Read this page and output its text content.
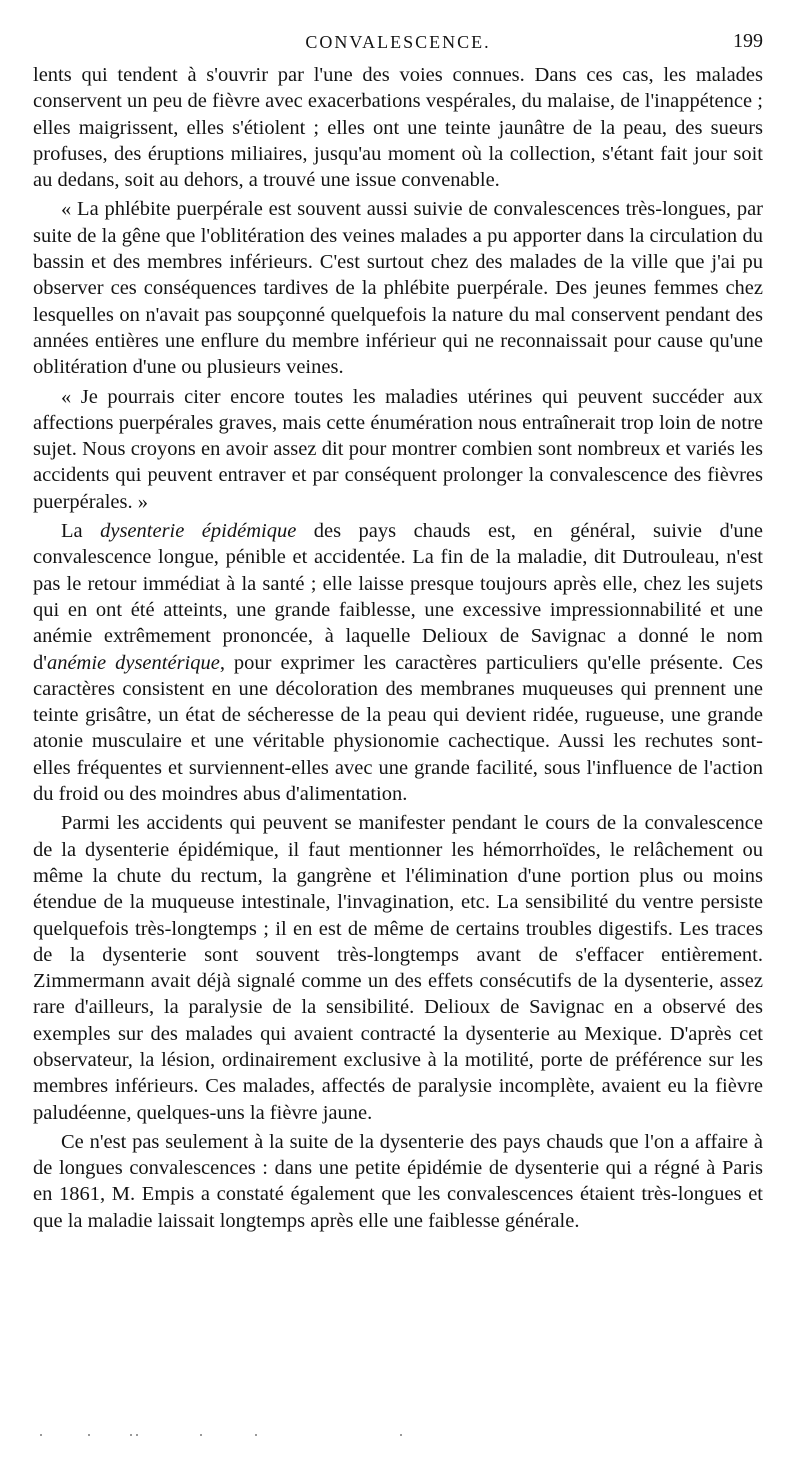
CONVALESCENCE.	199

lents qui tendent à s'ouvrir par l'une des voies connues. Dans ces cas, les malades conservent un peu de fièvre avec exacerbations vespérales, du malaise, de l'inappétence ; elles maigrissent, elles s'étiolent ; elles ont une teinte jaunâtre de la peau, des sueurs profuses, des éruptions miliaires, jusqu'au moment où la collection, s'étant fait jour soit au dedans, soit au dehors, a trouvé une issue convenable.

« La phlébite puerpérale est souvent aussi suivie de convalescences très-longues, par suite de la gêne que l'oblitération des veines malades a pu apporter dans la circulation du bassin et des membres inférieurs. C'est surtout chez des malades de la ville que j'ai pu observer ces conséquences tardives de la phlébite puerpérale. Des jeunes femmes chez lesquelles on n'avait pas soupçonné quelquefois la nature du mal conservent pendant des années entières une enflure du membre inférieur qui ne reconnaissait pour cause qu'une oblitération d'une ou plusieurs veines.

« Je pourrais citer encore toutes les maladies utérines qui peuvent succéder aux affections puerpérales graves, mais cette énumération nous entraînerait trop loin de notre sujet. Nous croyons en avoir assez dit pour montrer combien sont nombreux et variés les accidents qui peuvent entraver et par conséquent prolonger la convalescence des fièvres puerpérales. »

La dysenterie épidémique des pays chauds est, en général, suivie d'une convalescence longue, pénible et accidentée. La fin de la maladie, dit Dutrouleau, n'est pas le retour immédiat à la santé ; elle laisse presque toujours après elle, chez les sujets qui en ont été atteints, une grande faiblesse, une excessive impressionnabilité et une anémie extrêmement prononcée, à laquelle Delioux de Savignac a donné le nom d'anémie dysentérique, pour exprimer les caractères particuliers qu'elle présente. Ces caractères consistent en une décoloration des membranes muqueuses qui prennent une teinte grisâtre, un état de sécheresse de la peau qui devient ridée, rugueuse, une grande atonie musculaire et une véritable physionomie cachectique. Aussi les rechutes sont-elles fréquentes et surviennent-elles avec une grande facilité, sous l'influence de l'action du froid ou des moindres abus d'alimentation.

Parmi les accidents qui peuvent se manifester pendant le cours de la convalescence de la dysenterie épidémique, il faut mentionner les hémorrhoïdes, le relâchement ou même la chute du rectum, la gangrène et l'élimination d'une portion plus ou moins étendue de la muqueuse intestinale, l'invagination, etc. La sensibilité du ventre persiste quelquefois très-longtemps ; il en est de même de certains troubles digestifs. Les traces de la dysenterie sont souvent très-longtemps avant de s'effacer entièrement. Zimmermann avait déjà signalé comme un des effets consécutifs de la dysenterie, assez rare d'ailleurs, la paralysie de la sensibilité. Delioux de Savignac en a observé des exemples sur des malades qui avaient contracté la dysenterie au Mexique. D'après cet observateur, la lésion, ordinairement exclusive à la motilité, porte de préférence sur les membres inférieurs. Ces malades, affectés de paralysie incomplète, avaient eu la fièvre paludéenne, quelques-uns la fièvre jaune.

Ce n'est pas seulement à la suite de la dysenterie des pays chauds que l'on a affaire à de longues convalescences : dans une petite épidémie de dysenterie qui a régné à Paris en 1861, M. Empis a constaté également que les convalescences étaient très-longues et que la maladie laissait longtemps après elle une faiblesse générale.
